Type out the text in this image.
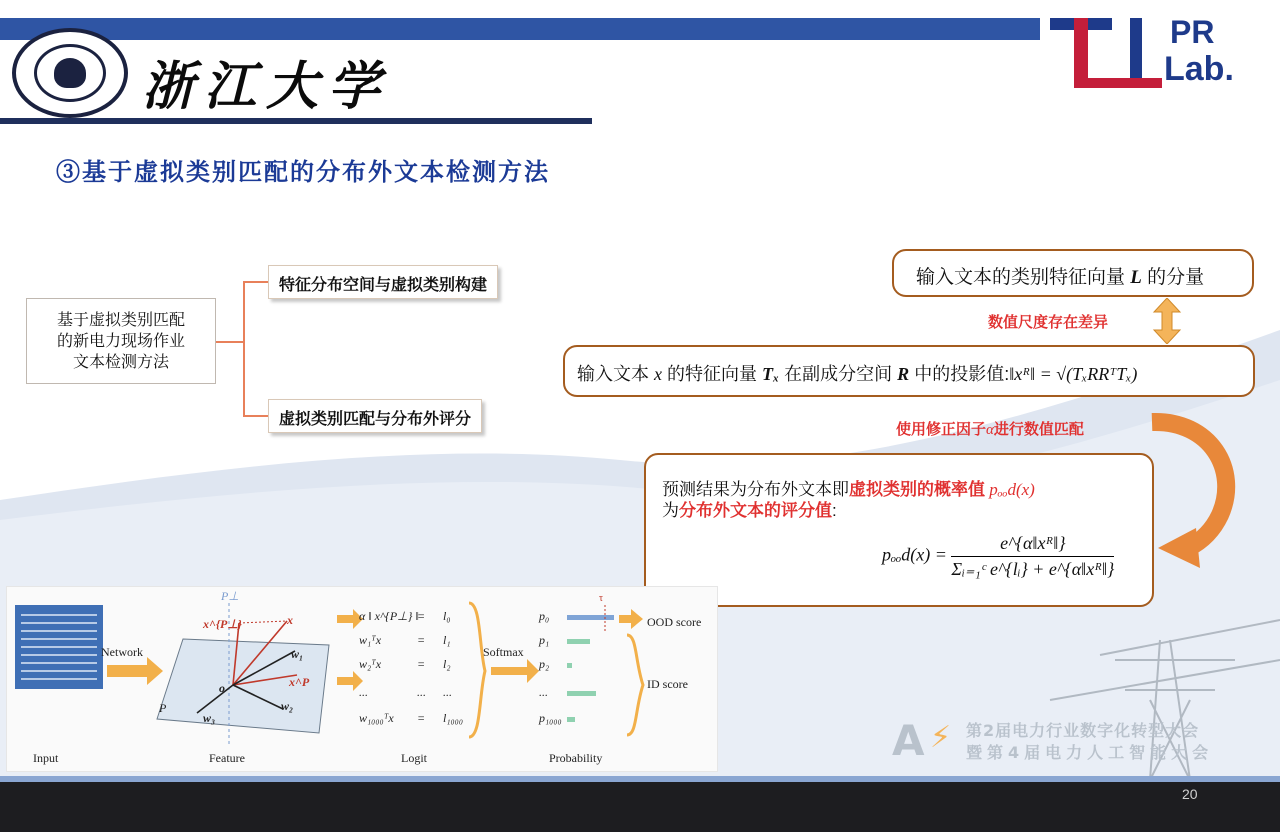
浙江大学
PR
Lab.
③基于虚拟类别匹配的分布外文本检测方法
基于虚拟类别匹配
的新电力现场作业
文本检测方法
特征分布空间与虚拟类别构建
虚拟类别匹配与分布外评分
输入文本的类别特征向量 L 的分量
数值尺度存在差异
输入文本 x 的特征向量 Tₓ 在副成分空间 R 中的投影值:‖xᴿ‖ = √(TₓRRᵀTₓ)
使用修正因子α进行数值匹配
预测结果为分布外文本即虚拟类别的概率值 pₒₒd(x)
为分布外文本的评分值:
$p_{oo}d(x) = \frac{\text{e\textasciicircum{}\{α‖xᴿ‖\}}}{\text{Σᵢ₌₁ᶜ e\textasciicircum{}\{lᵢ\} + e\textasciicircum{}\{α‖xᴿ‖\}}}$
Network	Softmax
OOD score
ID score
τ
P⊥
x^{P⊥}	x
w₁
x^P
o
w₂
w₃
P
α ‖ x^{P⊥} ‖
= l₀	p₀
w₁ᵀx	= l₁	p₁
w₂ᵀx	= l₂	p₂
...	... ...	...
w₁₀₀₀ᵀx = l₁₀₀₀	p₁₀₀₀
Input	Feature	Logit	Probability	A ⚡ 第2届电力行业数字化转型大会
暨第4届电力人工智能大会
20
